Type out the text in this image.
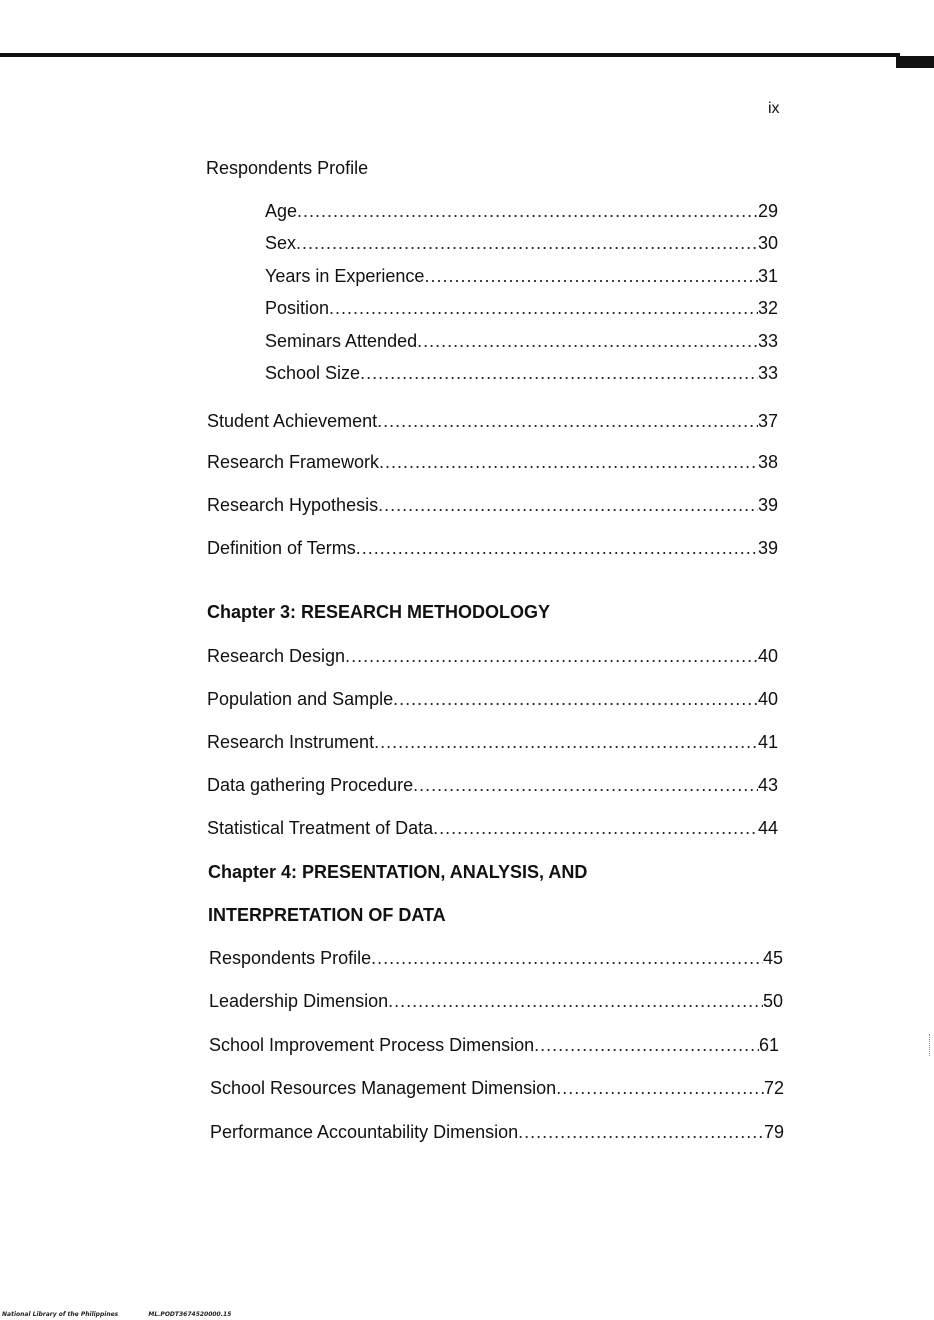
ix
Respondents Profile
Age .....	29
Sex .....	30
Years in Experience .....	31
Position .....	32
Seminars Attended .....	33
School Size .....	33
Student Achievement .....	37
Research Framework .....	38
Research Hypothesis .....	39
Definition of Terms .....	39
Chapter 3: RESEARCH METHODOLOGY
Research Design .....	40
Population and Sample .....	40
Research Instrument .....	41
Data gathering Procedure .....	43
Statistical Treatment of Data .....	44
Chapter 4: PRESENTATION, ANALYSIS, AND
INTERPRETATION OF DATA
Respondents Profile .....	45
Leadership Dimension .....	50
School Improvement Process Dimension .....	61
School Resources Management Dimension .....	72
Performance Accountability Dimension .....	79
National Library of the Philippines	ML.PODT3674520000.15
